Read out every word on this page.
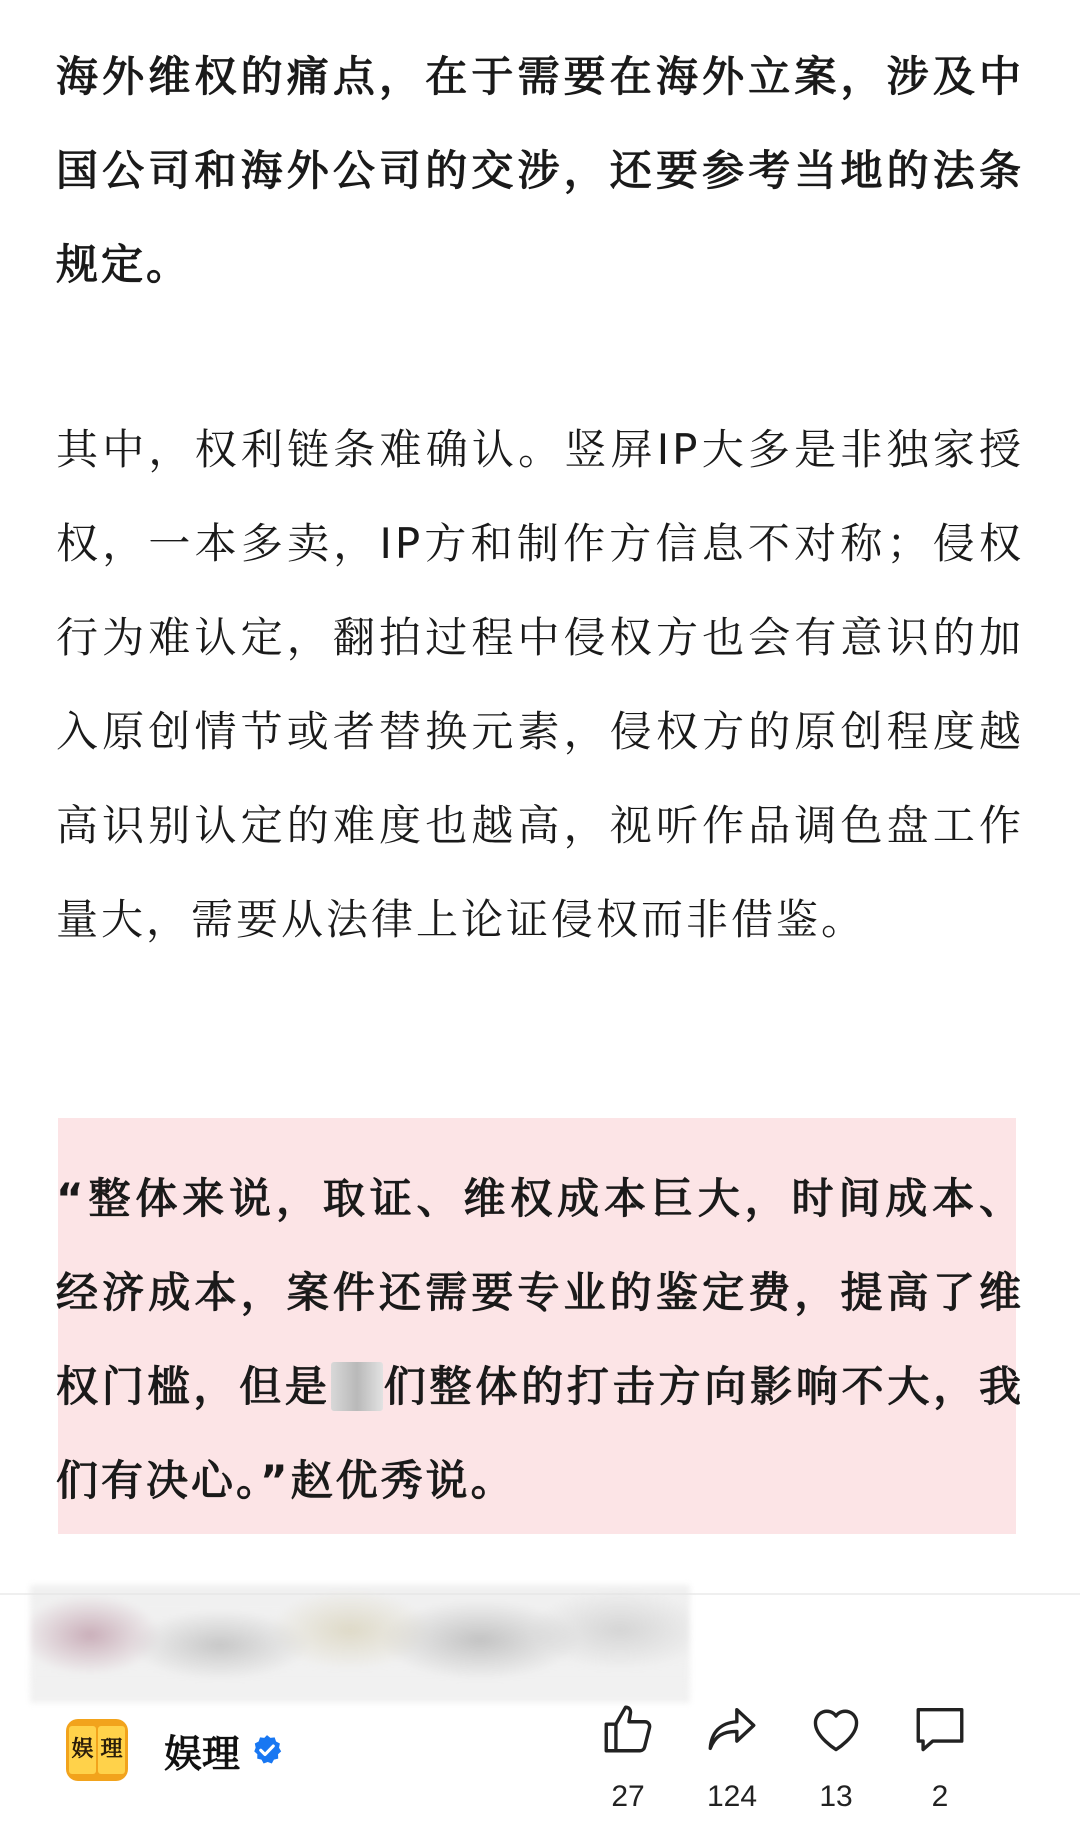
海外维权的痛点，在于需要在海外立案，涉及中国公司和海外公司的交涉，还要参考当地的法条规定。

其中，权利链条难确认。竖屏IP大多是非独家授权，一本多卖，IP方和制作方信息不对称；侵权行为难认定，翻拍过程中侵权方也会有意识的加入原创情节或者替换元素，侵权方的原创程度越高识别认定的难度也越高，视听作品调色盘工作量大，需要从法律上论证侵权而非借鉴。

“整体来说，取证、维权成本巨大，时间成本、经济成本，案件还需要专业的鉴定费，提高了维权门槛，但是 们整体的打击方向影响不大，我们有决心。”赵优秀说。

娱 理 娱理
27	124	13	2
